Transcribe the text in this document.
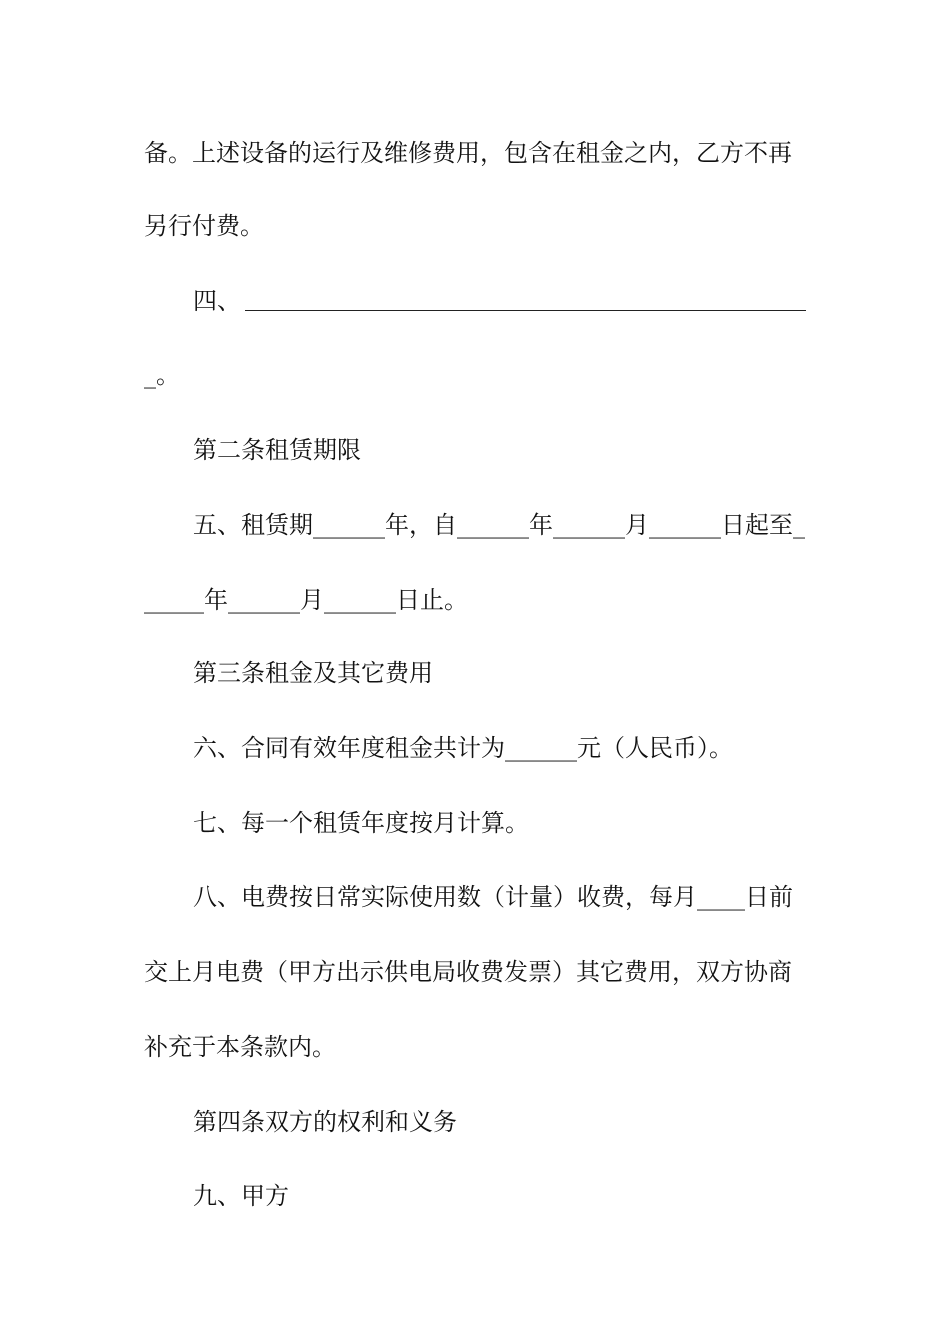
备。上述设备的运行及维修费用，包含在租金之内，乙方不再
另行付费。
四、
_。
第二条租赁期限
五、租赁期______年，自______年______月______日起至_
_____年______月______日止。
第三条租金及其它费用
六、合同有效年度租金共计为______元（人民币）。
七、每一个租赁年度按月计算。
八、电费按日常实际使用数（计量）收费，每月____日前
交上月电费（甲方出示供电局收费发票）其它费用，双方协商
补充于本条款内。
第四条双方的权利和义务
九、甲方
